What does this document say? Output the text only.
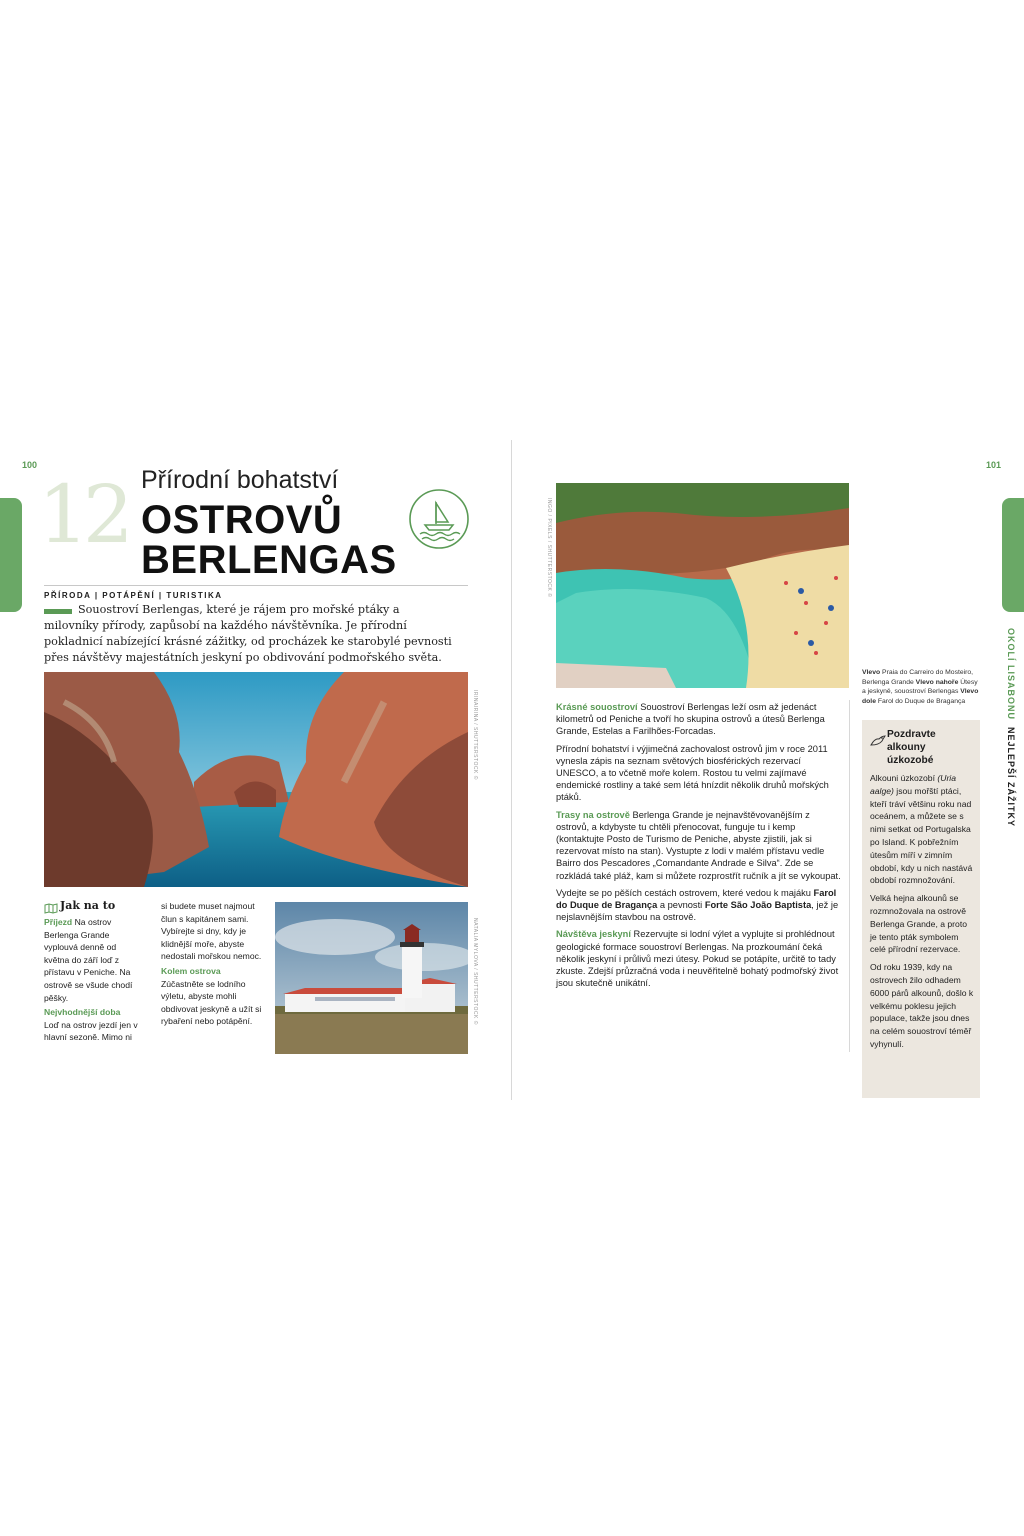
100
12 Přírodní bohatství
OSTROVŮ
BERLENGAS
PŘÍRODA | POTÁPĚNÍ | TURISTIKA
Souostroví Berlengas, které je rájem pro mořské ptáky a milovníky přírody, zapůsobí na každého návštěvníka. Je přírodní pokladnicí nabízející krásné zážitky, od procházek ke starobylé pevnosti přes návštěvy majestátních jeskyní po obdivování podmořského světa.
IRINAIRINA / SHUTTERSTOCK ©
Jak na to
Příjezd Na ostrov Berlenga Grande vyplouvá denně od května do září loď z přístavu v Peniche. Na ostrově se všude chodí pěšky.
Nejvhodnější doba
Loď na ostrov jezdí jen v hlavní sezoně. Mimo ni
si budete muset najmout člun s kapitánem sami. Vybírejte si dny, kdy je klidnější moře, abyste nedostali mořskou nemoc.
Kolem ostrova Zúčastněte se lodního výletu, abyste mohli obdivovat jeskyně a užít si rybaření nebo potápění.	NATALIA MYLOVA / SHUTTERSTOCK ©
101
OKOLÍ LISABONU  NEJLEPŠÍ ZÁŽITKY
INGO / PIXELS / SHUTTERSTOCK ©
Vlevo Praia do Carreiro do Mosteiro, Berlenga Grande Vlevo nahoře Útesy a jeskyně, souostroví Berlengas Vlevo dole Farol do Duque de Bragança

Krásné souostroví Souostroví Berlengas leží osm až jedenáct kilometrů od Peniche a tvoří ho skupina ostrovů a útesů Berlenga Grande, Estelas a Farilhões-Forcadas.

Přírodní bohatství i výjimečná zachovalost ostrovů jim v roce 2011 vynesla zápis na seznam světových biosférických rezervací UNESCO, a to včetně moře kolem. Rostou tu velmi zajímavé endemické rostliny a také sem létá hnízdit několik druhů mořských ptáků.

Trasy na ostrově Berlenga Grande je nejnavštěvovanějším z ostrovů, a kdybyste tu chtěli přenocovat, funguje tu i kemp (kontaktujte Posto de Turismo de Peniche, abyste zjistili, jak si rezervovat místo na stan). Vystupte z lodi v malém přístavu vedle Bairro dos Pescadores „Comandante Andrade e Silva“. Zde se rozkládá také pláž, kam si můžete rozprostřít ručník a jít se vykoupat.

Vydejte se po pěších cestách ostrovem, které vedou k majáku Farol do Duque de Bragança a pevnosti Forte São João Baptista, jež je nejslavnějším stavbou na ostrově.

Návštěva jeskyní Rezervujte si lodní výlet a vyplujte si prohlédnout geologické formace souostroví Berlengas. Na prozkoumání čeká několik jeskyní i průlivů mezi útesy. Pokud se potápíte, určitě to tady zkuste. Zdejší průzračná voda i neuvěřitelně bohatý podmořský život jsou skutečně unikátní.

Pozdravte alkouny úzkozobé

Alkouni úzkozobí (Uria aalge) jsou mořští ptáci, kteří tráví většinu roku nad oceánem, a můžete se s nimi setkat od Portugalska po Island. K pobřežním útesům míří v zimním období, kdy u nich nastává období rozmnožování.

Velká hejna alkounů se rozmnožovala na ostrově Berlenga Grande, a proto je tento pták symbolem celé přírodní rezervace.

Od roku 1939, kdy na ostrovech žilo odhadem 6000 párů alkounů, došlo k velkému poklesu jejich populace, takže jsou dnes na celém souostroví téměř vyhynulí.
